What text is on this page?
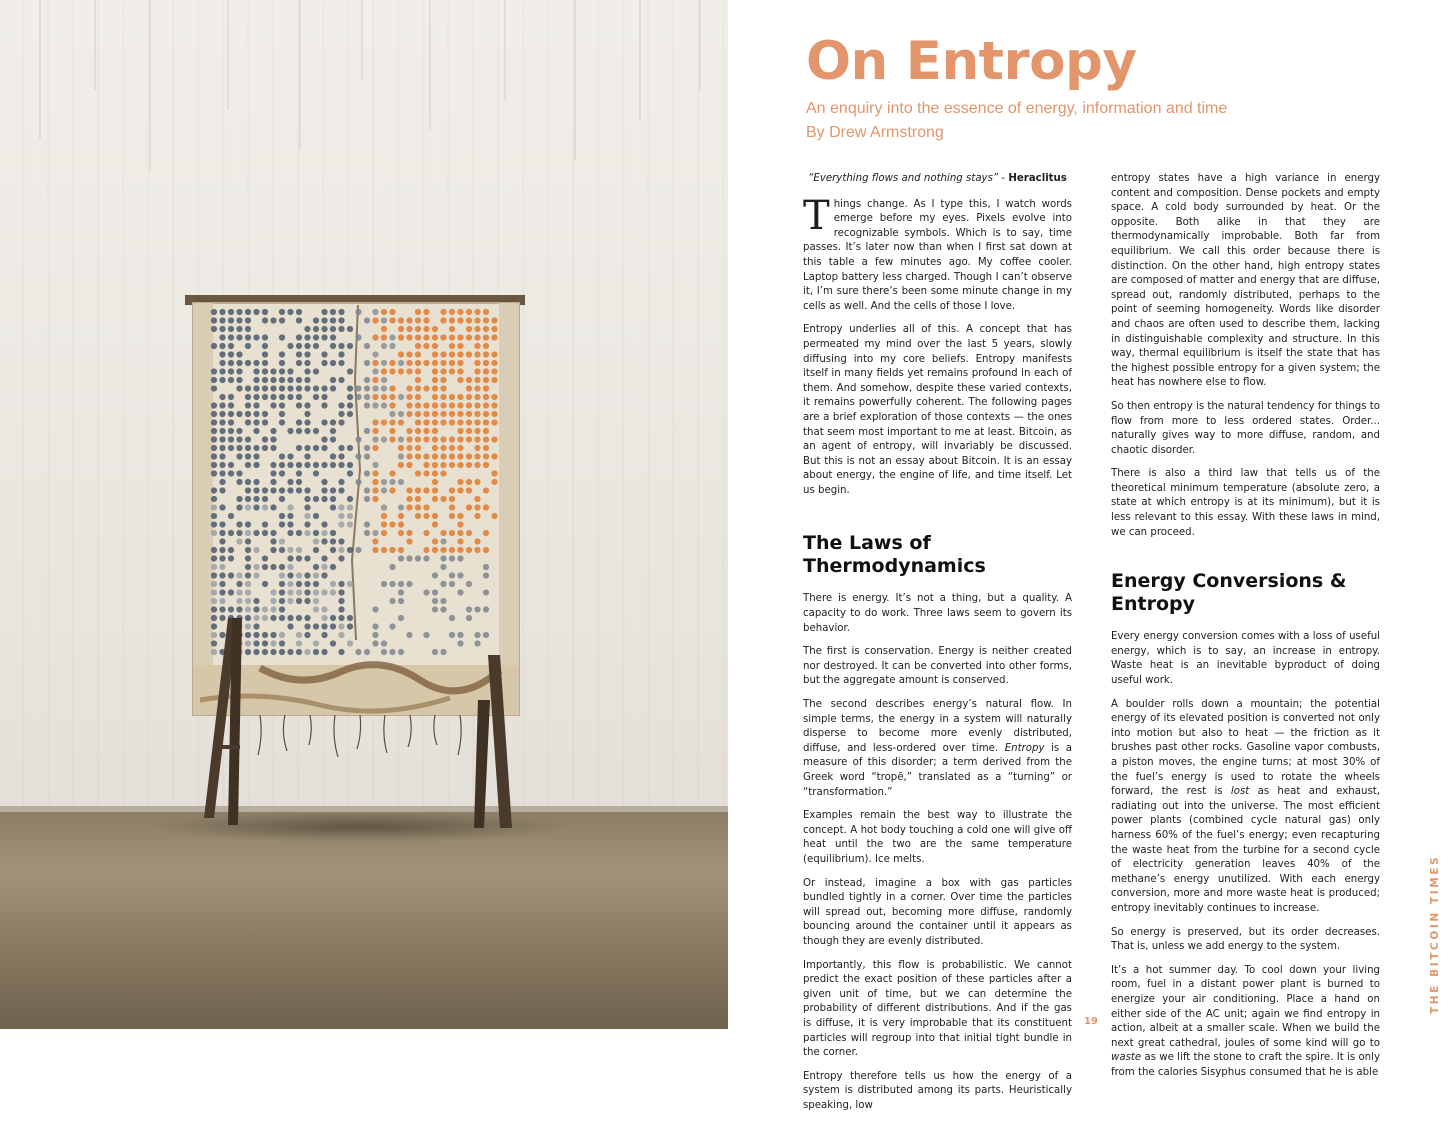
On Entropy

An enquiry into the essence of energy, information and time

By Drew Armstrong

“Everything flows and nothing stays” - Heraclitus

Things change. As I type this, I watch words emerge before my eyes. Pixels evolve into recognizable symbols. Which is to say, time passes. It’s later now than when I first sat down at this table a few minutes ago. My coffee cooler. Laptop battery less charged. Though I can’t observe it, I’m sure there’s been some minute change in my cells as well. And the cells of those I love.

Entropy underlies all of this. A concept that has permeated my mind over the last 5 years, slowly diffusing into my core beliefs. Entropy manifests itself in many fields yet remains profound in each of them. And somehow, despite these varied contexts, it remains powerfully coherent. The following pages are a brief exploration of those contexts — the ones that seem most important to me at least. Bitcoin, as an agent of entropy, will invariably be discussed. But this is not an essay about Bitcoin. It is an essay about energy, the engine of life, and time itself. Let us begin.

The Laws of Thermodynamics

There is energy. It’s not a thing, but a quality. A capacity to do work. Three laws seem to govern its behavior.

The first is conservation. Energy is neither created nor destroyed. It can be converted into other forms, but the aggregate amount is conserved.

The second describes energy’s natural flow. In simple terms, the energy in a system will naturally disperse to become more evenly distributed, diffuse, and less-ordered over time. Entropy is a measure of this disorder; a term derived from the Greek word “tropē,” translated as a “turning” or “transformation.”

Examples remain the best way to illustrate the concept. A hot body touching a cold one will give off heat until the two are the same temperature (equilibrium). Ice melts.

Or instead, imagine a box with gas particles bundled tightly in a corner. Over time the particles will spread out, becoming more diffuse, randomly bouncing around the container until it appears as though they are evenly distributed.

Importantly, this flow is probabilistic. We cannot predict the exact position of these particles after a given unit of time, but we can determine the probability of different distributions. And if the gas is diffuse, it is very improbable that its constituent particles will regroup into that initial tight bundle in the corner.

Entropy therefore tells us how the energy of a system is distributed among its parts. Heuristically speaking, low

entropy states have a high variance in energy content and composition. Dense pockets and empty space. A cold body surrounded by heat. Or the opposite. Both alike in that they are thermodynamically improbable. Both far from equilibrium. We call this order because there is distinction. On the other hand, high entropy states are composed of matter and energy that are diffuse, spread out, randomly distributed, perhaps to the point of seeming homogeneity. Words like disorder and chaos are often used to describe them, lacking in distinguishable complexity and structure. In this way, thermal equilibrium is itself the state that has the highest possible entropy for a given system; the heat has nowhere else to flow.

So then entropy is the natural tendency for things to flow from more to less ordered states. Order... naturally gives way to more diffuse, random, and chaotic disorder.

There is also a third law that tells us of the theoretical minimum temperature (absolute zero, a state at which entropy is at its minimum), but it is less relevant to this essay. With these laws in mind, we can proceed.

Energy Conversions & Entropy

Every energy conversion comes with a loss of useful energy, which is to say, an increase in entropy. Waste heat is an inevitable byproduct of doing useful work.

A boulder rolls down a mountain; the potential energy of its elevated position is converted not only into motion but also to heat — the friction as it brushes past other rocks. Gasoline vapor combusts, a piston moves, the engine turns; at most 30% of the fuel’s energy is used to rotate the wheels forward, the rest is lost as heat and exhaust, radiating out into the universe. The most efficient power plants (combined cycle natural gas) only harness 60% of the fuel’s energy; even recapturing the waste heat from the turbine for a second cycle of electricity generation leaves 40% of the methane’s energy unutilized. With each energy conversion, more and more waste heat is produced; entropy inevitably continues to increase.

So energy is preserved, but its order decreases. That is, unless we add energy to the system.

It’s a hot summer day. To cool down your living room, fuel in a distant power plant is burned to energize your air conditioning. Place a hand on either side of the AC unit; again we find entropy in action, albeit at a smaller scale. When we build the next great cathedral, joules of some kind will go to waste as we lift the stone to craft the spire. It is only from the calories Sisyphus consumed that he is able

19

THE BITCOIN TIMES
